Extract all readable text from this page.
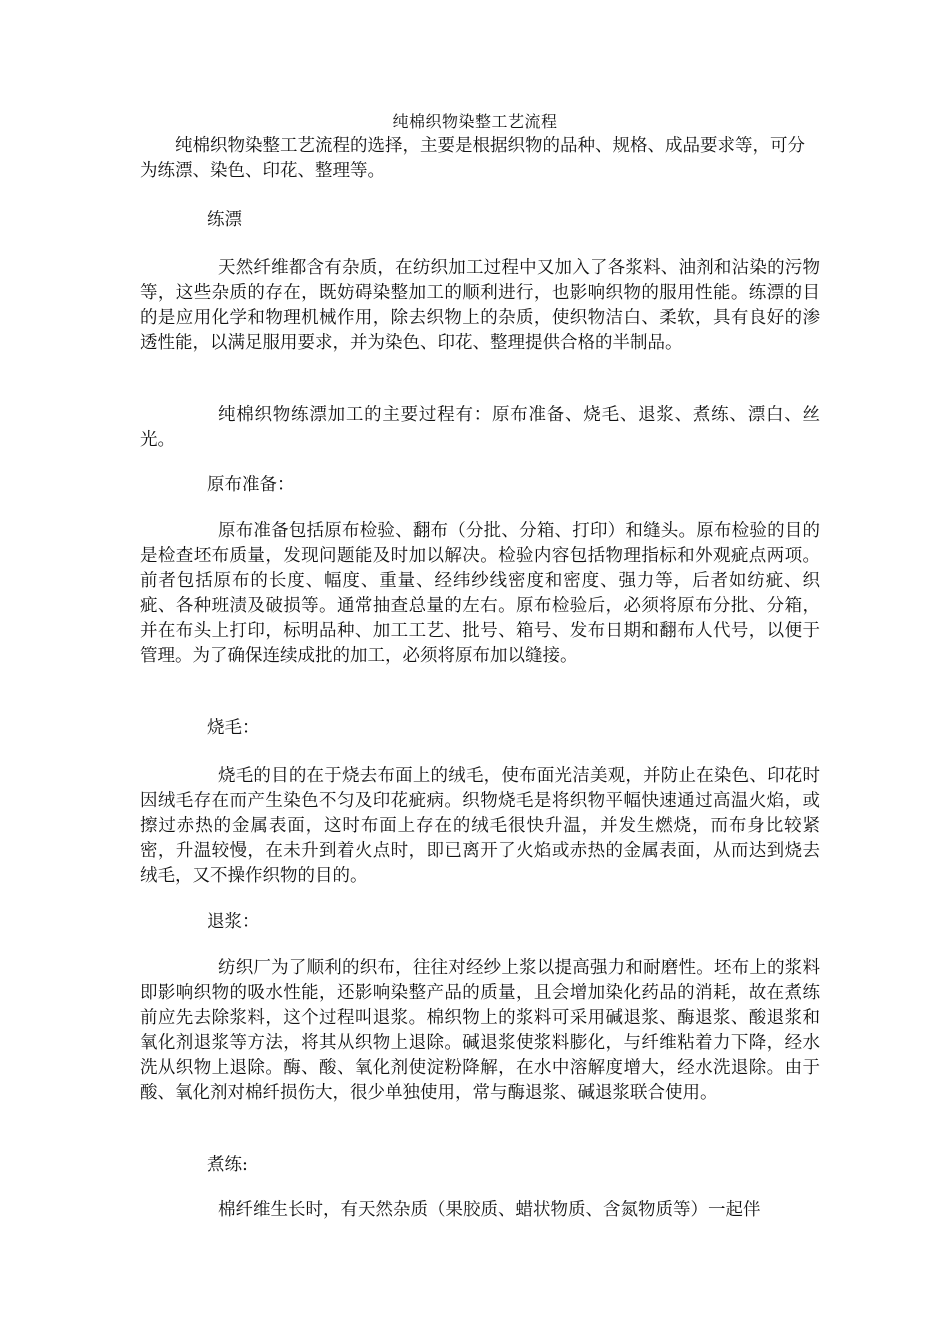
纯棉织物染整工艺流程

纯棉织物染整工艺流程的选择，主要是根据织物的品种、规格、成品要求等，可分为练漂、染色、印花、整理等。

练漂

天然纤维都含有杂质，在纺织加工过程中又加入了各浆料、油剂和沾染的污物等，这些杂质的存在，既妨碍染整加工的顺利进行，也影响织物的服用性能。练漂的目的是应用化学和物理机械作用，除去织物上的杂质，使织物洁白、柔软，具有良好的渗透性能，以满足服用要求，并为染色、印花、整理提供合格的半制品。

纯棉织物练漂加工的主要过程有：原布准备、烧毛、退浆、煮练、漂白、丝光。

原布准备：

原布准备包括原布检验、翻布（分批、分箱、打印）和缝头。原布检验的目的是检查坯布质量，发现问题能及时加以解决。检验内容包括物理指标和外观疵点两项。前者包括原布的长度、幅度、重量、经纬纱线密度和密度、强力等，后者如纺疵、织疵、各种班渍及破损等。通常抽查总量的左右。原布检验后，必须将原布分批、分箱，并在布头上打印，标明品种、加工工艺、批号、箱号、发布日期和翻布人代号，以便于管理。为了确保连续成批的加工，必须将原布加以缝接。

烧毛：

烧毛的目的在于烧去布面上的绒毛，使布面光洁美观，并防止在染色、印花时因绒毛存在而产生染色不匀及印花疵病。织物烧毛是将织物平幅快速通过高温火焰，或擦过赤热的金属表面，这时布面上存在的绒毛很快升温，并发生燃烧，而布身比较紧密，升温较慢，在未升到着火点时，即已离开了火焰或赤热的金属表面，从而达到烧去绒毛，又不操作织物的目的。

退浆：

纺织厂为了顺利的织布，往往对经纱上浆以提高强力和耐磨性。坯布上的浆料即影响织物的吸水性能，还影响染整产品的质量，且会增加染化药品的消耗，故在煮练前应先去除浆料，这个过程叫退浆。棉织物上的浆料可采用碱退浆、酶退浆、酸退浆和氧化剂退浆等方法，将其从织物上退除。碱退浆使浆料膨化，与纤维粘着力下降，经水洗从织物上退除。酶、酸、氧化剂使淀粉降解，在水中溶解度增大，经水洗退除。由于酸、氧化剂对棉纤损伤大，很少单独使用，常与酶退浆、碱退浆联合使用。

煮练:

棉纤维生长时，有天然杂质（果胶质、蜡状物质、含氮物质等）一起伴
